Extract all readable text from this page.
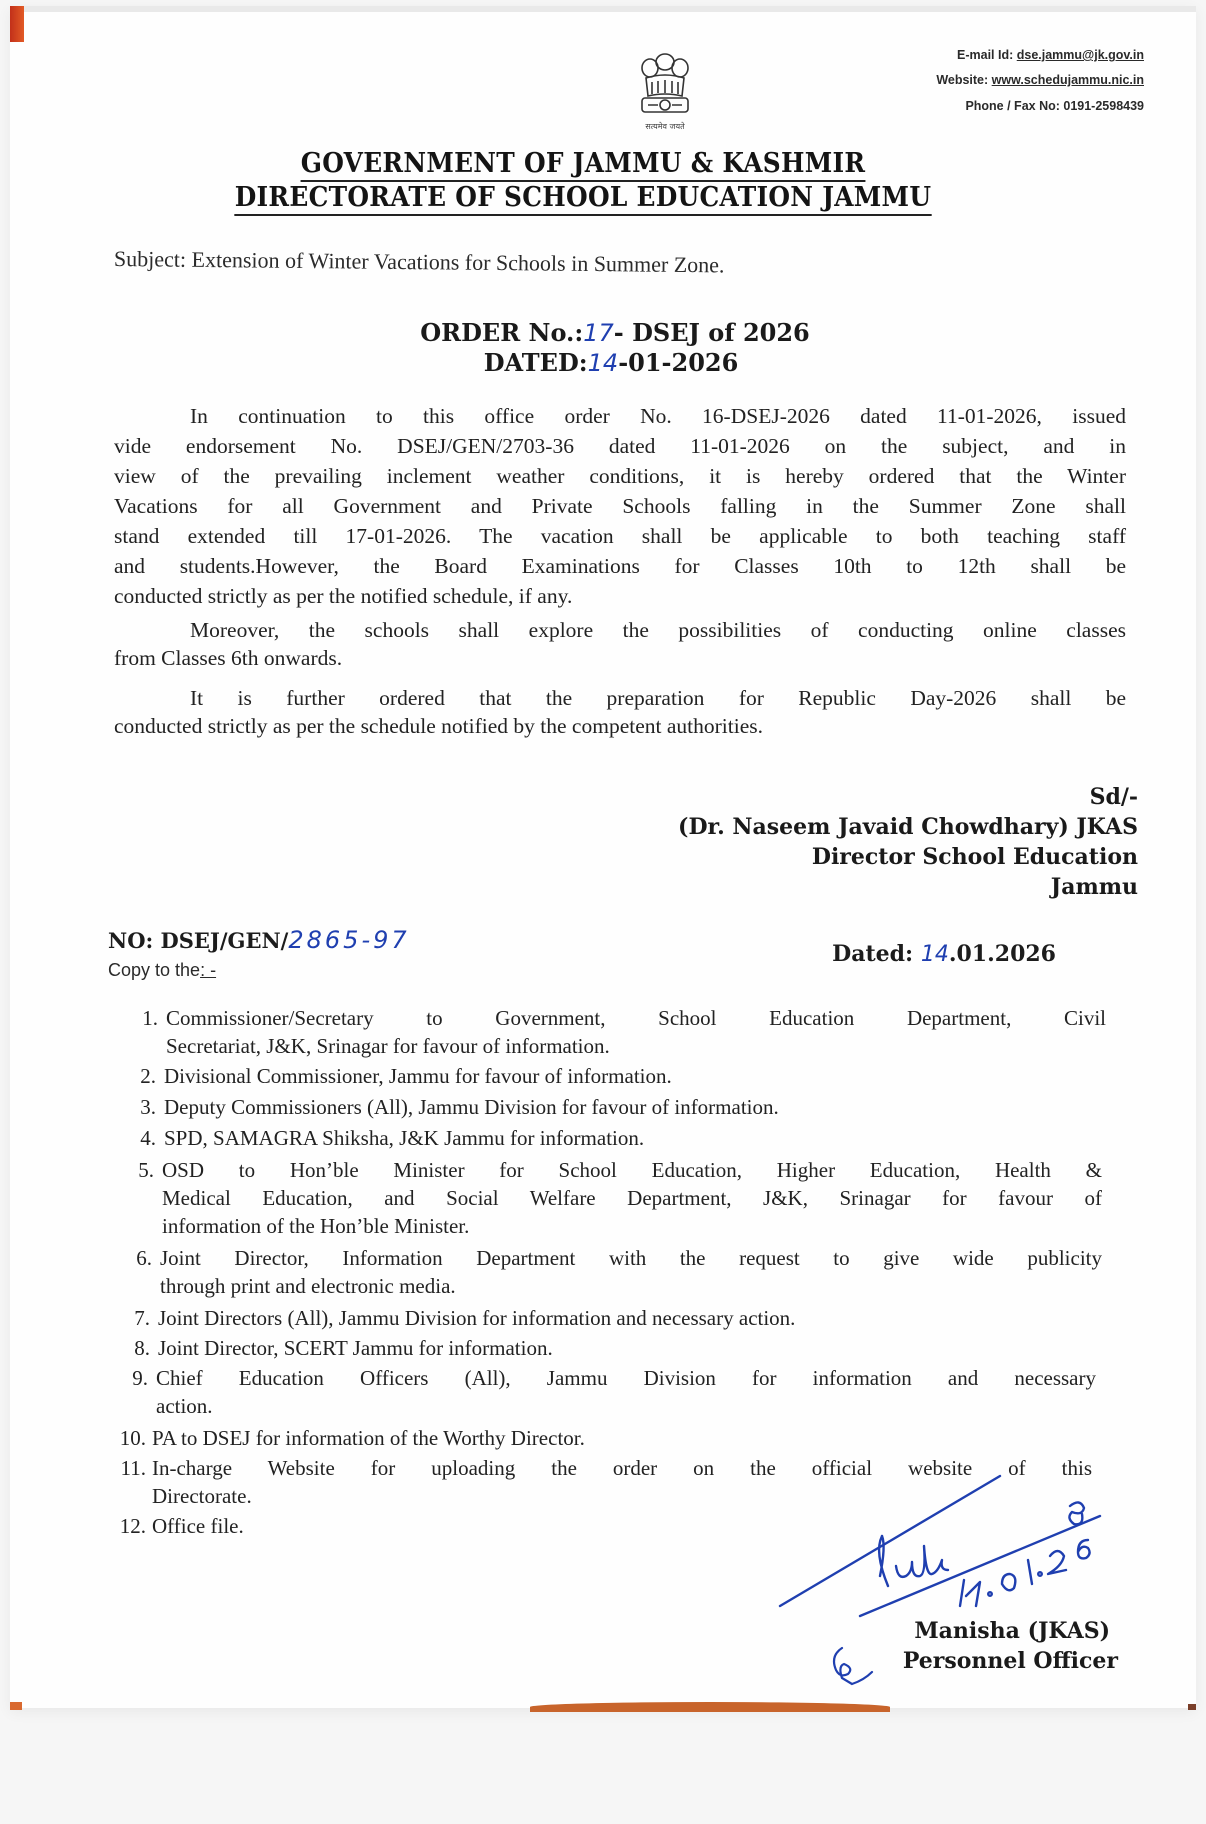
सत्यमेव जयते
E-mail Id: dse.jammu@jk.gov.in
Website: www.schedujammu.nic.in
Phone / Fax No: 0191-2598439
GOVERNMENT OF JAMMU & KASHMIR
DIRECTORATE OF SCHOOL EDUCATION JAMMU
Subject: Extension of Winter Vacations for Schools in Summer Zone.
ORDER No.:17- DSEJ of 2026
DATED:14-01-2026
In continuation to this office order No. 16-DSEJ-2026 dated 11-01-2026, issued
vide endorsement No. DSEJ/GEN/2703-36 dated 11-01-2026 on the subject, and in
view of the prevailing inclement weather conditions, it is hereby ordered that the Winter
Vacations for all Government and Private Schools falling in the Summer Zone shall
stand extended till 17-01-2026. The vacation shall be applicable to both teaching staff
and students.However, the Board Examinations for Classes 10th to 12th shall be
conducted strictly as per the notified schedule, if any.
Moreover, the schools shall explore the possibilities of conducting online classes
from Classes 6th onwards.
It is further ordered that the preparation for Republic Day-2026 shall be
conducted strictly as per the schedule notified by the competent authorities.
Sd/-
(Dr. Naseem Javaid Chowdhary) JKAS
Director School Education
Jammu
NO: DSEJ/GEN/2865-97
Copy to the: -
Dated: 14.01.2026
1. Commissioner/Secretary to Government, School Education Department, Civil
Secretariat, J&K, Srinagar for favour of information.
2. Divisional Commissioner, Jammu for favour of information.
3. Deputy Commissioners (All), Jammu Division for favour of information.
4. SPD, SAMAGRA Shiksha, J&K Jammu for information.
5. OSD to Hon’ble Minister for School Education, Higher Education, Health &
Medical Education, and Social Welfare Department, J&K, Srinagar for favour of
information of the Hon’ble Minister.
6. Joint Director, Information Department with the request to give wide publicity
through print and electronic media.
7. Joint Directors (All), Jammu Division for information and necessary action.
8. Joint Director, SCERT Jammu for information.
9. Chief Education Officers (All), Jammu Division for information and necessary
action.
10. PA to DSEJ for information of the Worthy Director.
11. In-charge Website for uploading the order on the official website of this
Directorate.
12. Office file.
Manisha (JKAS)
Personnel Officer
